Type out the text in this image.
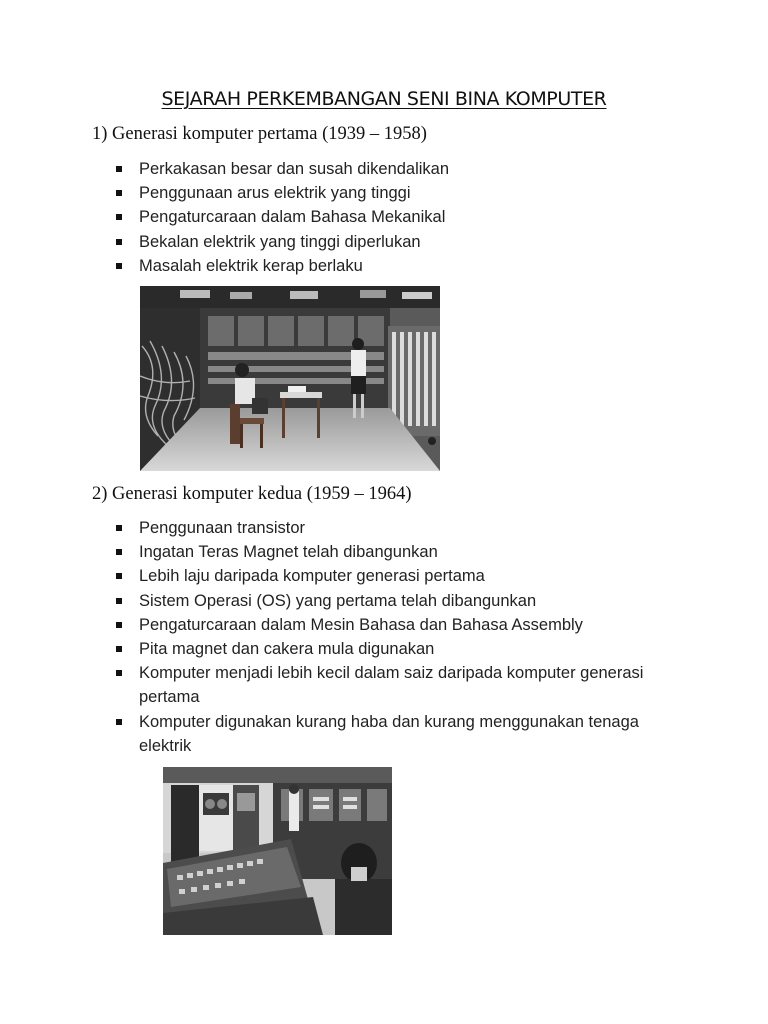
SEJARAH PERKEMBANGAN SENI BINA KOMPUTER
1) Generasi komputer pertama (1939 – 1958)
Perkakasan besar dan susah dikendalikan
Penggunaan arus elektrik yang tinggi
Pengaturcaraan dalam Bahasa Mekanikal
Bekalan elektrik yang tinggi diperlukan
Masalah elektrik kerap berlaku
2) Generasi komputer kedua (1959 – 1964)
Penggunaan transistor
Ingatan Teras Magnet telah dibangunkan
Lebih laju daripada komputer generasi pertama
Sistem Operasi (OS) yang pertama telah dibangunkan
Pengaturcaraan dalam Mesin Bahasa dan Bahasa Assembly
Pita magnet dan cakera mula digunakan
Komputer menjadi lebih kecil dalam saiz daripada komputer generasi pertama
Komputer digunakan kurang haba dan kurang menggunakan tenaga elektrik
